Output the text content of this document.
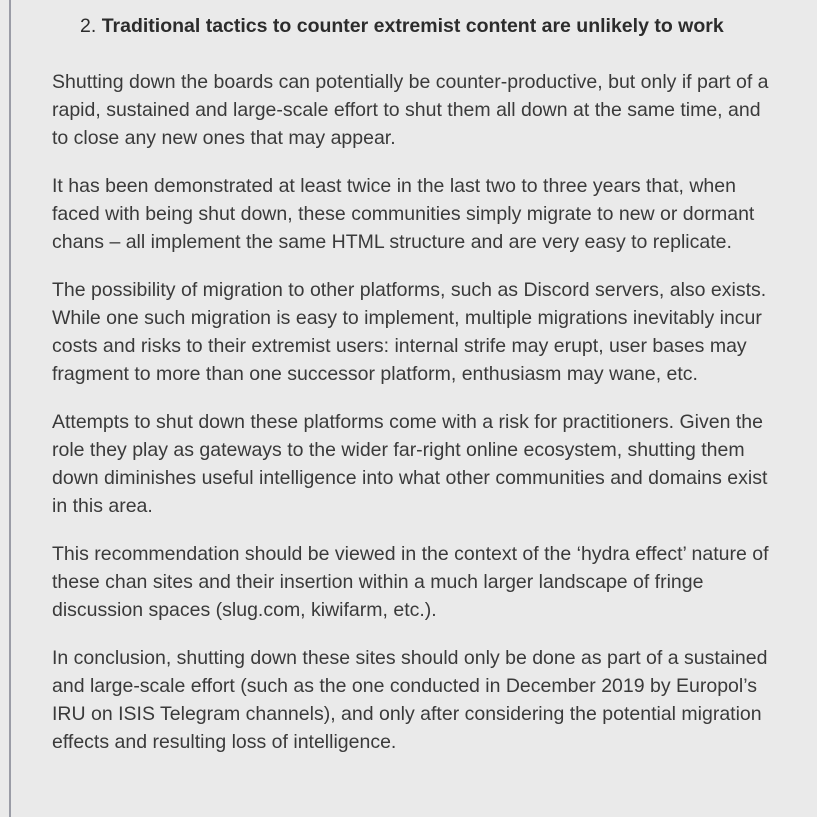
2. Traditional tactics to counter extremist content are unlikely to work

Shutting down the boards can potentially be counter-productive, but only if part of a rapid, sustained and large-scale effort to shut them all down at the same time, and to close any new ones that may appear.

It has been demonstrated at least twice in the last two to three years that, when faced with being shut down, these communities simply migrate to new or dormant chans – all implement the same HTML structure and are very easy to replicate.

The possibility of migration to other platforms, such as Discord servers, also exists. While one such migration is easy to implement, multiple migrations inevitably incur costs and risks to their extremist users: internal strife may erupt, user bases may fragment to more than one successor platform, enthusiasm may wane, etc.

Attempts to shut down these platforms come with a risk for practitioners. Given the role they play as gateways to the wider far-right online ecosystem, shutting them down diminishes useful intelligence into what other communities and domains exist in this area.

This recommendation should be viewed in the context of the ‘hydra effect’ nature of these chan sites and their insertion within a much larger landscape of fringe discussion spaces (slug.com, kiwifarm, etc.).

In conclusion, shutting down these sites should only be done as part of a sustained and large-scale effort (such as the one conducted in December 2019 by Europol’s IRU on ISIS Telegram channels), and only after considering the potential migration effects and resulting loss of intelligence.
